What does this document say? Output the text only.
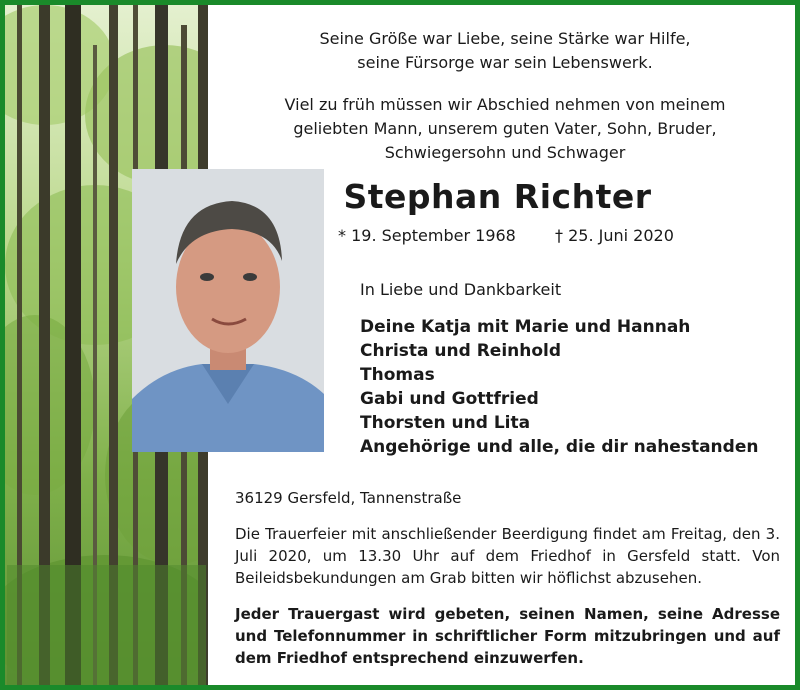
Seine Größe war Liebe, seine Stärke war Hilfe,
seine Fürsorge war sein Lebenswerk.
Viel zu früh müssen wir Abschied nehmen von meinem
geliebten Mann, unserem guten Vater, Sohn, Bruder,
Schwiegersohn und Schwager
Stephan Richter
* 19. September 1968 † 25. Juni 2020
In Liebe und Dankbarkeit
Deine Katja mit Marie und Hannah
Christa und Reinhold
Thomas
Gabi und Gottfried
Thorsten und Lita
Angehörige und alle, die dir nahestanden
36129 Gersfeld, Tannenstraße
Die Trauerfeier mit anschließender Beerdigung findet am Freitag, den 3. Juli 2020, um 13.30 Uhr auf dem Friedhof in Gersfeld statt. Von Beileidsbekundungen am Grab bitten wir höflichst abzusehen.
Jeder Trauergast wird gebeten, seinen Namen, seine Adresse und Telefonnummer in schriftlicher Form mitzubringen und auf dem Friedhof entsprechend einzuwerfen.
